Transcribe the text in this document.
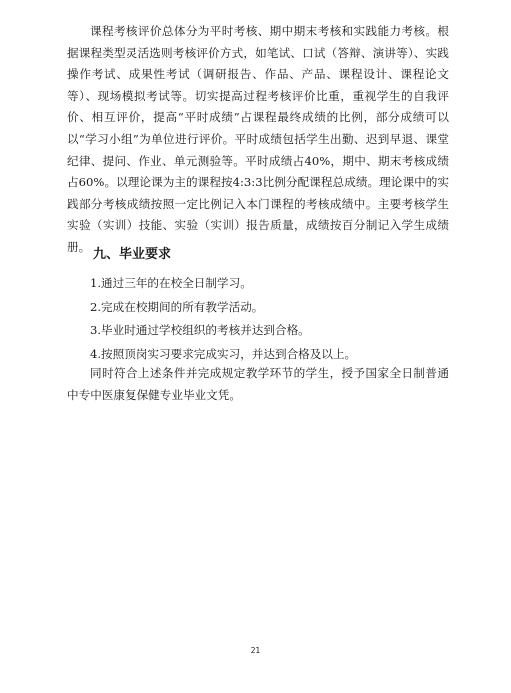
课程考核评价总体分为平时考核、期中期末考核和实践能力考核。根据课程类型灵活选则考核评价方式，如笔试、口试（答辩、演讲等）、实践操作考试、成果性考试（调研报告、作品、产品、课程设计、课程论文等）、现场模拟考试等。切实提高过程考核评价比重，重视学生的自我评价、相互评价，提高“平时成绩”占课程最终成绩的比例，部分成绩可以以“学习小组”为单位进行评价。平时成绩包括学生出勤、迟到早退、课堂纪律、提问、作业、单元测验等。平时成绩占40%，期中、期末考核成绩占60%。以理论课为主的课程按4:3:3比例分配课程总成绩。理论课中的实践部分考核成绩按照一定比例记入本门课程的考核成绩中。主要考核学生实验（实训）技能、实验（实训）报告质量，成绩按百分制记入学生成绩册。

九、毕业要求
1.通过三年的在校全日制学习。
2.完成在校期间的所有教学活动。
3.毕业时通过学校组织的考核并达到合格。
4.按照顶岗实习要求完成实习，并达到合格及以上。

同时符合上述条件并完成规定教学环节的学生，授予国家全日制普通中专中医康复保健专业毕业文凭。

21
